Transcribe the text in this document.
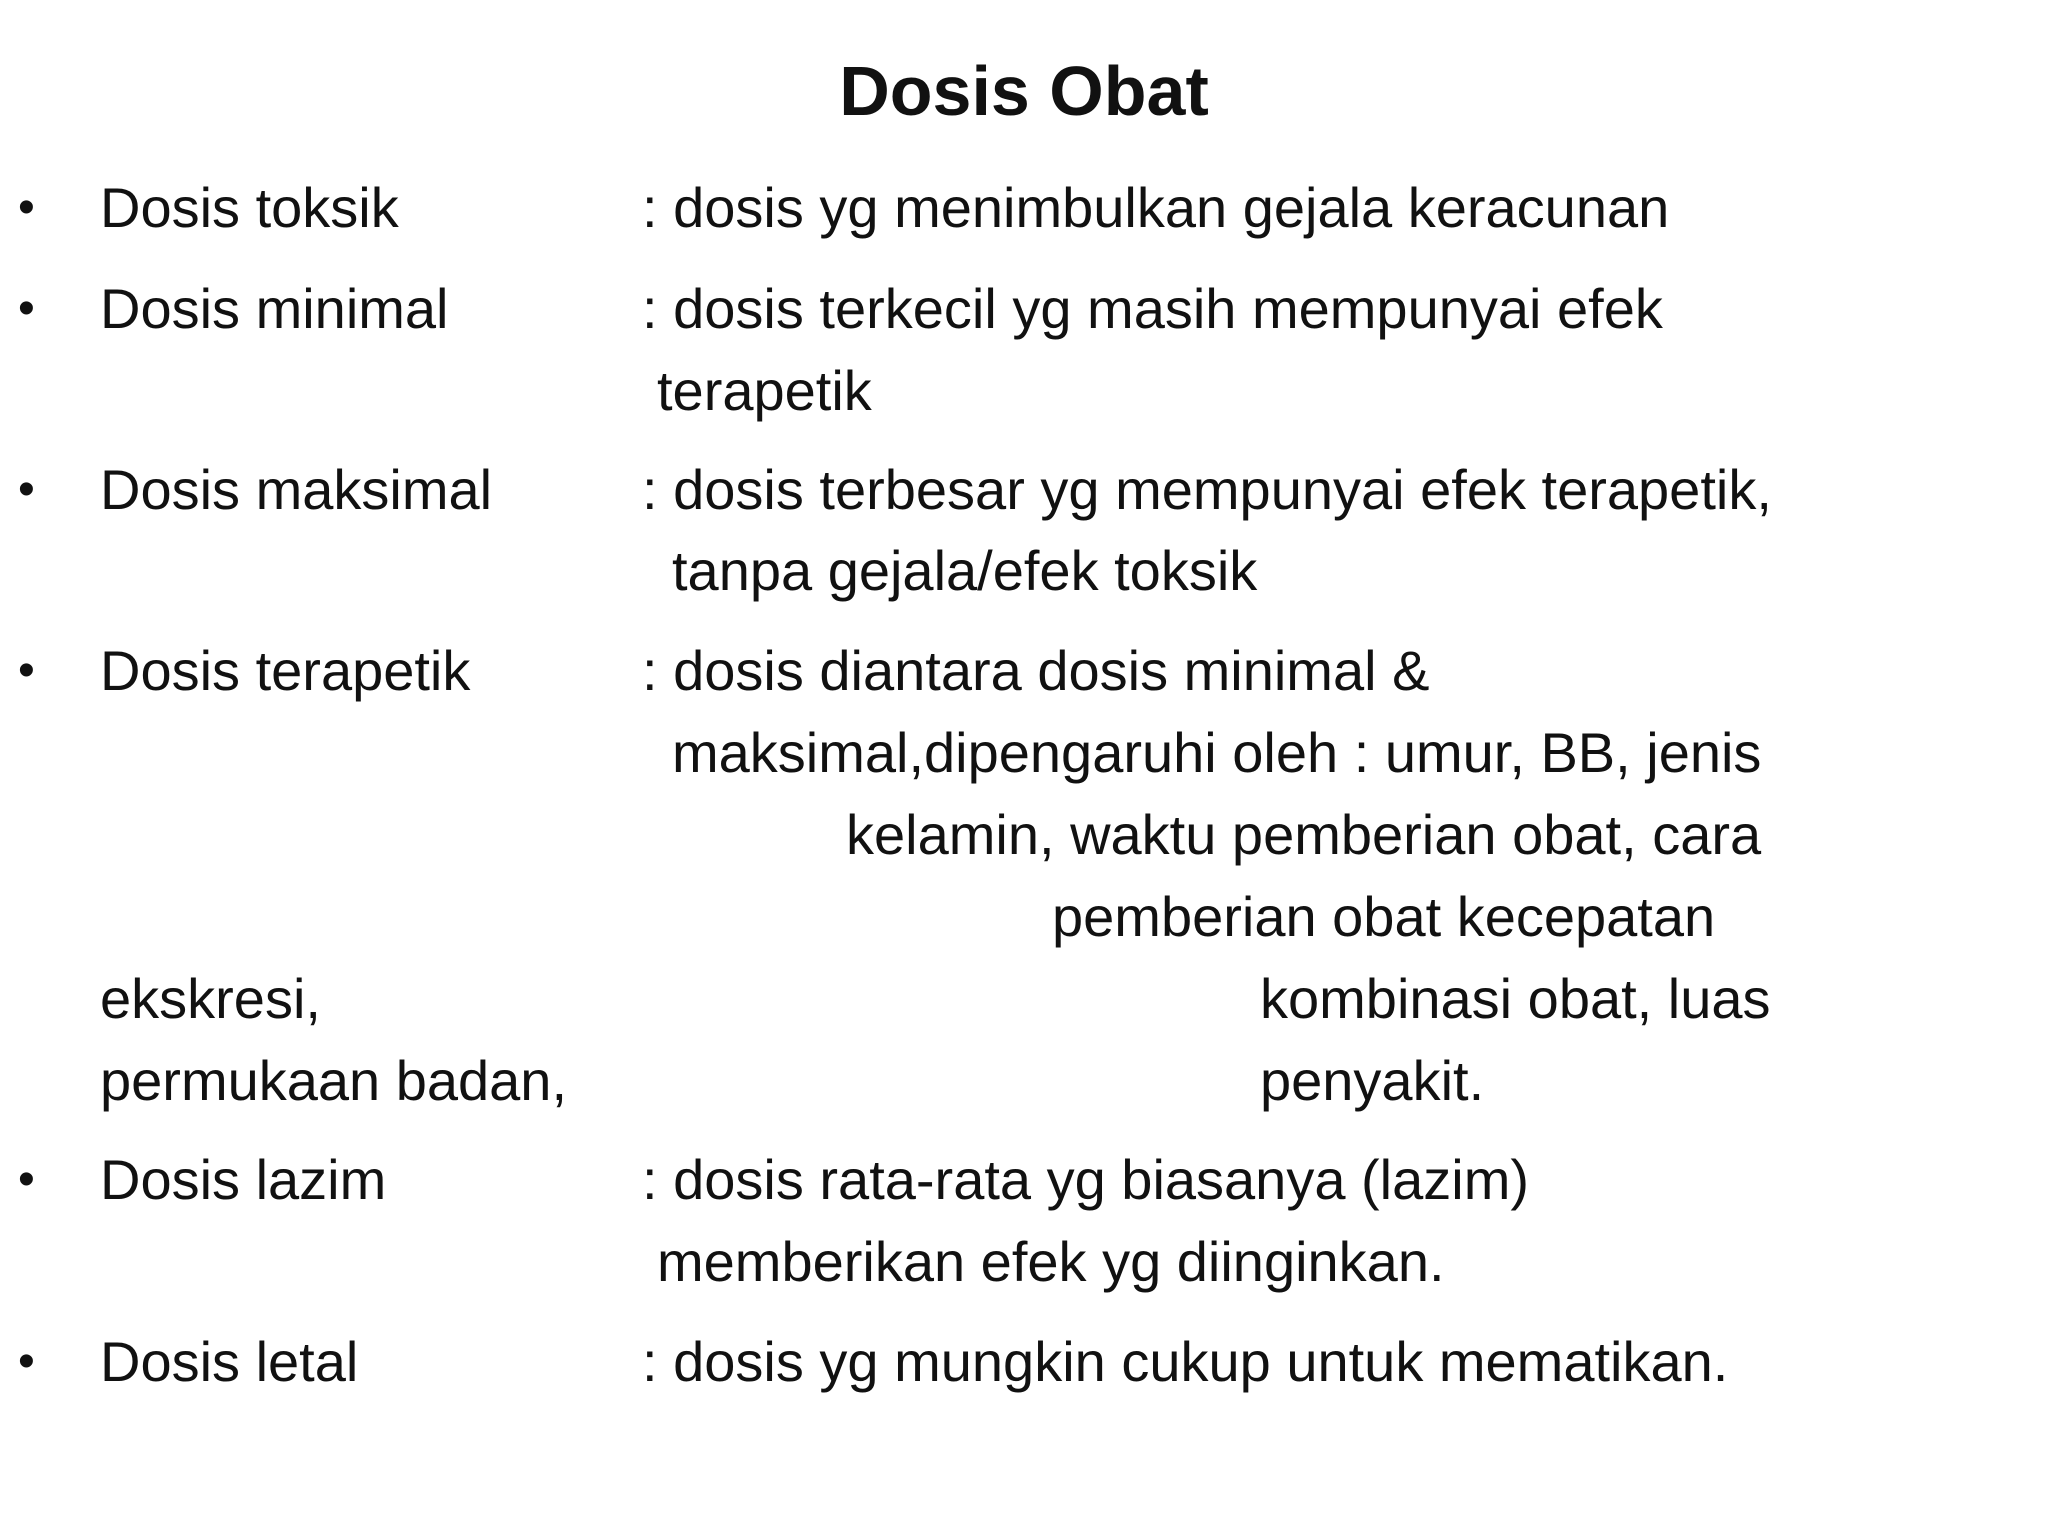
Dosis Obat
• Dosis toksik	: dosis yg menimbulkan gejala keracunan
• Dosis minimal	: dosis terkecil yg masih mempunyai efek
terapetik
• Dosis maksimal	: dosis terbesar yg mempunyai efek terapetik,
tanpa gejala/efek toksik
• Dosis terapetik	: dosis diantara dosis minimal &
maksimal,dipengaruhi oleh : umur, BB, jenis
kelamin, waktu pemberian obat, cara
pemberian obat kecepatan
ekskresi,	kombinasi obat, luas
permukaan badan,	penyakit.
• Dosis lazim	: dosis rata-rata yg biasanya (lazim)
memberikan efek yg diinginkan.
• Dosis letal	: dosis yg mungkin cukup untuk mematikan.
